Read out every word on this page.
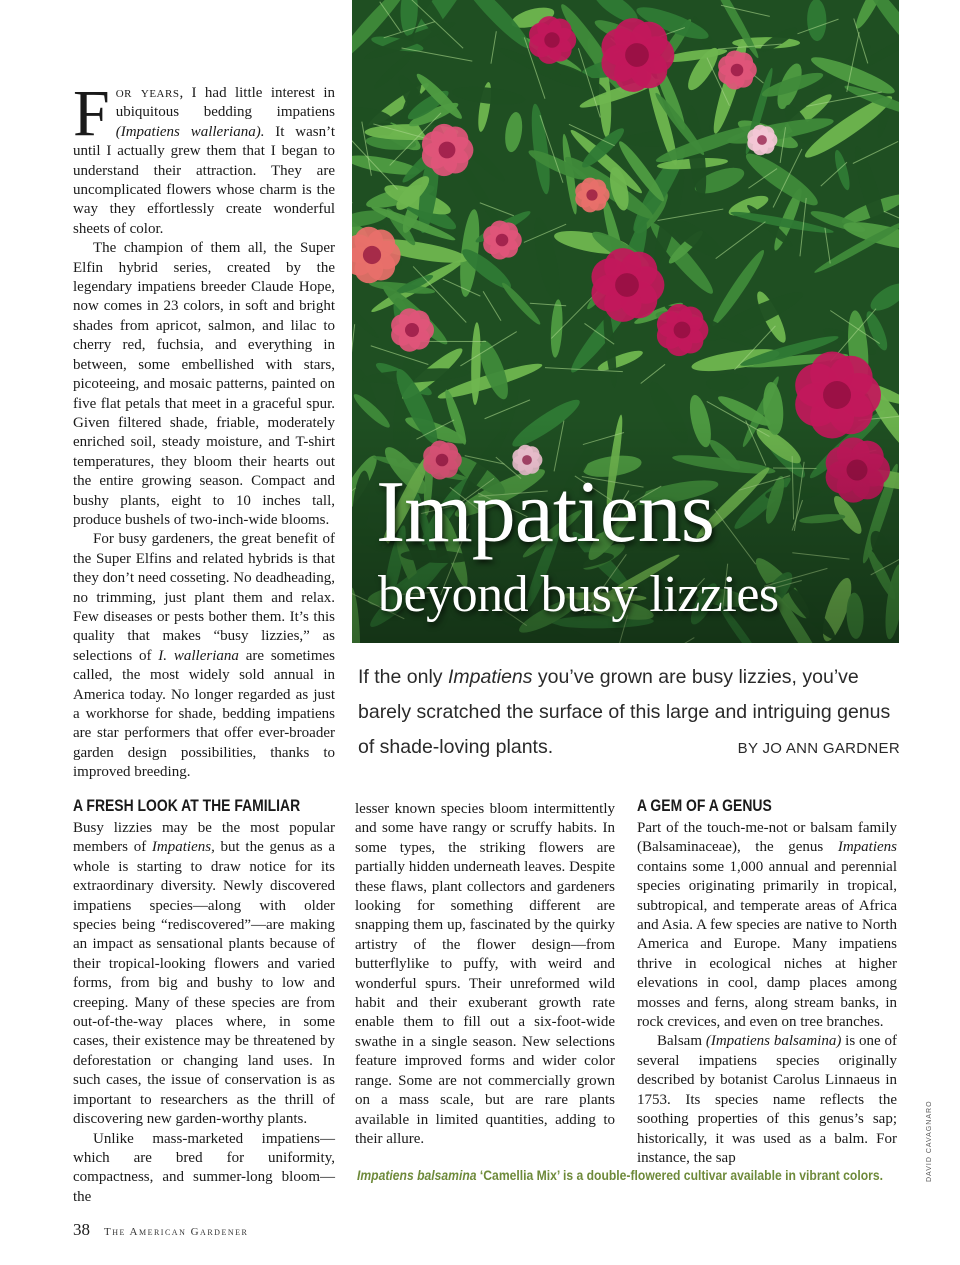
For years, I had little interest in ubiquitous bedding impatiens (Impatiens walleriana). It wasn’t until I actually grew them that I began to understand their attraction. They are uncomplicated flowers whose charm is the way they effortlessly create wonderful sheets of color.

The champion of them all, the Super Elfin hybrid series, created by the legendary impatiens breeder Claude Hope, now comes in 23 colors, in soft and bright shades from apricot, salmon, and lilac to cherry red, fuchsia, and everything in between, some embellished with stars, picoteeing, and mosaic patterns, painted on five flat petals that meet in a graceful spur. Given filtered shade, friable, moderately enriched soil, steady moisture, and T-shirt temperatures, they bloom their hearts out the entire growing season. Compact and bushy plants, eight to 10 inches tall, produce bushels of two-inch-wide blooms.

For busy gardeners, the great benefit of the Super Elfins and related hybrids is that they don’t need cosseting. No deadheading, no trimming, just plant them and relax. Few diseases or pests bother them. It’s this quality that makes “busy lizzies,” as selections of I. walleriana are sometimes called, the most widely sold annual in America today. No longer regarded as just a workhorse for shade, bedding impatiens are star performers that offer ever-broader garden design possibilities, thanks to improved breeding.

Impatiens
beyond busy lizzies

If the only Impatiens you’ve grown are busy lizzies, you’ve barely scratched the surface of this large and intriguing genus of shade-loving plants.	BY JO ANN GARDNER
A FRESH LOOK AT THE FAMILIAR

Busy lizzies may be the most popular members of Impatiens, but the genus as a whole is starting to draw notice for its extraordinary diversity. Newly discovered impatiens species—along with older species being “rediscovered”—are making an impact as sensational plants because of their tropical-looking flowers and varied forms, from big and bushy to low and creeping. Many of these species are from out-of-the-way places where, in some cases, their existence may be threatened by deforestation or changing land uses. In such cases, the issue of conservation is as important to researchers as the thrill of discovering new garden-worthy plants.

Unlike mass-marketed impatiens—which are bred for uniformity, compactness, and summer-long bloom—the

lesser known species bloom intermittently and some have rangy or scruffy habits. In some types, the striking flowers are partially hidden underneath leaves. Despite these flaws, plant collectors and gardeners looking for something different are snapping them up, fascinated by the quirky artistry of the flower design—from butterflylike to puffy, with weird and wonderful spurs. Their unreformed wild habit and their exuberant growth rate enable them to fill out a six-foot-wide swathe in a single season. New selections feature improved forms and wider color range. Some are not commercially grown on a mass scale, but are rare plants available in limited quantities, adding to their allure.

A GEM OF A GENUS

Part of the touch-me-not or balsam family (Balsaminaceae), the genus Impatiens contains some 1,000 annual and perennial species originating primarily in tropical, subtropical, and temperate areas of Africa and Asia. A few species are native to North America and Europe. Many impatiens thrive in ecological niches at higher elevations in cool, damp places among mosses and ferns, along stream banks, in rock crevices, and even on tree branches.

Balsam (Impatiens balsamina) is one of several impatiens species originally described by botanist Carolus Linnaeus in 1753. Its species name reflects the soothing properties of this genus’s sap; historically, it was used as a balm. For instance, the sap

Impatiens balsamina ‘Camellia Mix’ is a double-flowered cultivar available in vibrant colors.	DAVID CAVAGNARO
38 The American Gardener
